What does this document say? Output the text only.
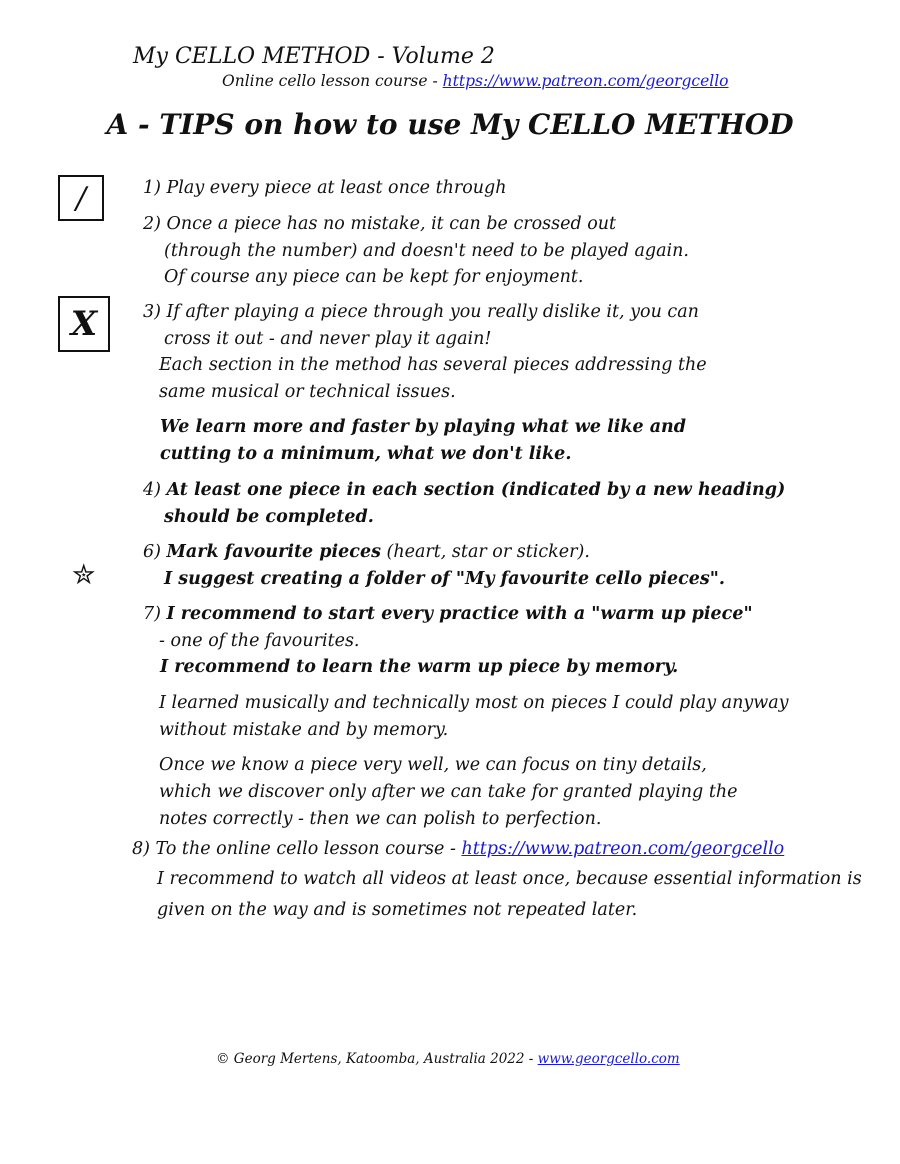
My CELLO METHOD - Volume 2
Online cello lesson course - https://www.patreon.com/georgcello
A - TIPS on how to use My CELLO METHOD
/
X
✮
1) Play every piece at least once through
2) Once a piece has no mistake, it can be crossed out
(through the number) and doesn't need to be played again.
Of course any piece can be kept for enjoyment.
3) If after playing a piece through you really dislike it, you can
cross it out - and never play it again!
Each section in the method has several pieces addressing the
same musical or technical issues.
We learn more and faster by playing what we like and
cutting to a minimum, what we don't like.
4) At least one piece in each section (indicated by a new heading)
should be completed.
6) Mark favourite pieces (heart, star or sticker).
I suggest creating a folder of "My favourite cello pieces".
7) I recommend to start every practice with a "warm up piece"
- one of the favourites.
I recommend to learn the warm up piece by memory.
I learned musically and technically most on pieces I could play anyway
without mistake and by memory.
Once we know a piece very well, we can focus on tiny details,
which we discover only after we can take for granted playing the
notes correctly - then we can polish to perfection.
8) To the online cello lesson course - https://www.patreon.com/georgcello
I recommend to watch all videos at least once, because essential information is
given on the way and is sometimes not repeated later.
© Georg Mertens, Katoomba, Australia 2022 - www.georgcello.com
